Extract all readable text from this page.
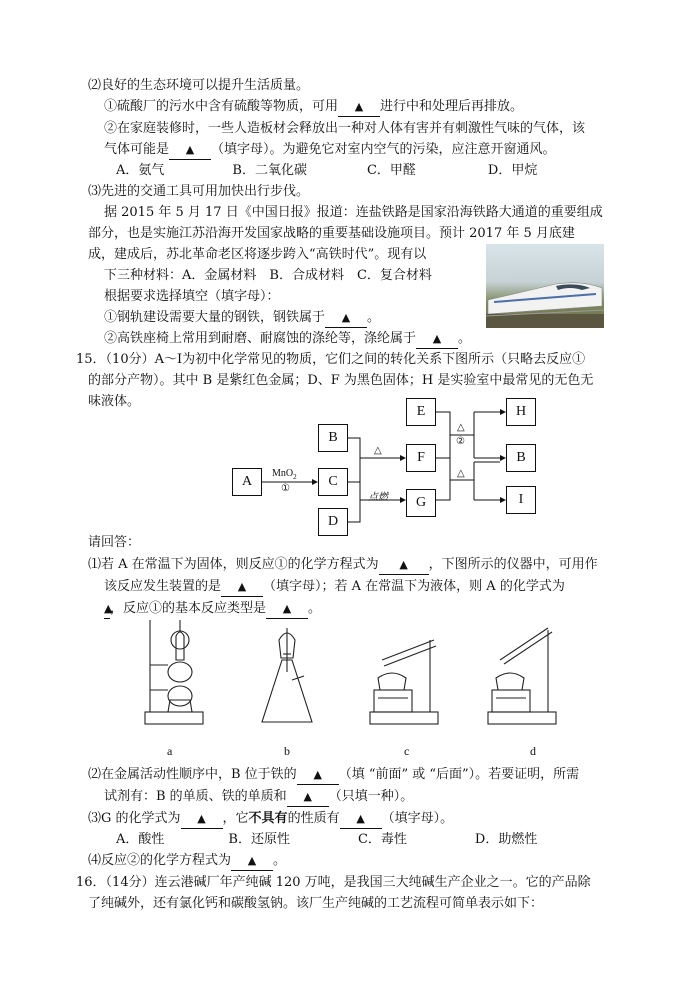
⑵良好的生态环境可以提升生活质量。
①硫酸厂的污水中含有硫酸等物质，可用 ▲ 进行中和处理后再排放。
②在家庭装修时，一些人造板材会释放出一种对人体有害并有刺激性气味的气体，该
气体可能是 ▲ （填字母）。为避免它对室内空气的污染，应注意开窗通风。
A．氨气	B．二氧化碳	C．甲醛	D．甲烷
⑶先进的交通工具可用加快出行步伐。
据 2015 年 5 月 17 日《中国日报》报道：连盐铁路是国家沿海铁路大通道的重要组成
部分，也是实施江苏沿海开发国家战略的重要基础设施项目。预计 2017 年 5 月底建
成，建成后，苏北革命老区将逐步跨入“高铁时代”。现有以
下三种材料：A．金属材料　B．合成材料　C．复合材料
根据要求选择填空（填字母）：
①钢轨建设需要大量的钢铁，钢铁属于 ▲ 。
②高铁座椅上常用到耐磨、耐腐蚀的涤纶等，涤纶属于 ▲ 。
15．（10分）A～I为初中化学常见的物质，它们之间的转化关系下图所示（只略去反应①
的部分产物）。其中 B 是紫红色金属；D、F 为黑色固体；H 是实验室中最常见的无色无
味液体。
A
B
C
D
E
F
G
H
B
I
MnO$_2$
①
△
点燃
△
②
△
请回答：
⑴若 A 在常温下为固体，则反应①的化学方程式为 ▲ ，下图所示的仪器中，可用作
该反应发生装置的是 ▲ （填字母）；若 A 在常温下为液体，则 A 的化学式为
▲，反应①的基本反应类型是 ▲ 。
a	b	c	d
⑵在金属活动性顺序中，B 位于铁的 ▲ （填 “前面” 或 “后面”）。若要证明，所需
试剂有：B 的单质、铁的单质和 ▲ （只填一种）。
⑶G 的化学式为 ▲ ，它不具有的性质有 ▲ （填字母）。
A．酸性	B．还原性	C．毒性	D．助燃性
⑷反应②的化学方程式为 ▲ 。
16．（14分）连云港碱厂年产纯碱 120 万吨，是我国三大纯碱生产企业之一。它的产品除
了纯碱外，还有氯化钙和碳酸氢钠。该厂生产纯碱的工艺流程可简单表示如下：
